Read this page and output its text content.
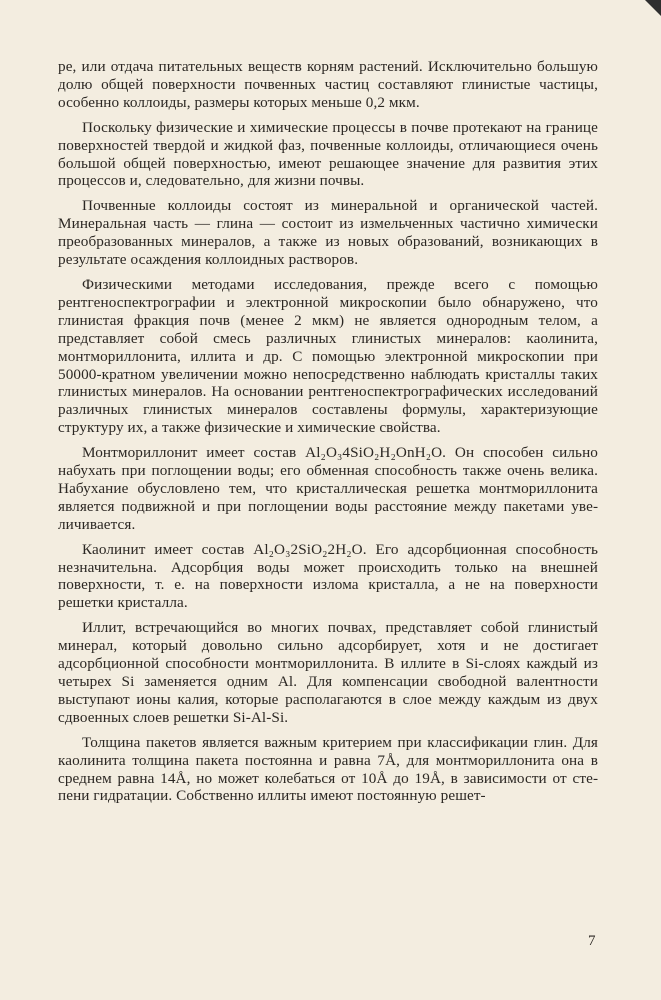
ре, или отдача питательных веществ корням растений. Исключительно большую долю общей поверхности почвенных частиц составляют глинистые частицы, особенно коллоиды, размеры которых меньше 0,2 мкм.

Поскольку физические и химические процессы в почве протекают на границе поверхностей твердой и жидкой фаз, почвенные коллоиды, отличающиеся очень большой общей поверхностью, имеют решающее значение для развития этих процессов и, следовательно, для жизни почвы.

Почвенные коллоиды состоят из минеральной и органической частей. Минеральная часть — глина — состоит из измельченных частично химически преобразованных минералов, а также из новых образований, возникающих в результате осаждения коллоидных растворов.

Физическими методами исследования, прежде всего с помощью рентгеноспектрографии и электронной микроскопии было обнаружено, что глинистая фракция почв (менее 2 мкм) не является однородным телом, а представляет собой смесь различных глинистых минералов: каолинита, монтмориллонита, иллита и др. С помощью электронной микроскопии при 50000-кратном увеличении можно непосредственно наблюдать кристаллы таких глинистых минералов. На основании рентгеноспектрографических исследований различных глинистых минералов составлены формулы, характеризующие структуру их, а также физические и химические свойства.

Монтмориллонит имеет состав Al₂O₃4SiO₂H₂OnH₂O. Он способен сильно набухать при поглощении воды; его обменная способность также очень велика. Набухание обусловлено тем, что кристаллическая решетка монтмориллонита является подвижной и при поглощении воды расстояние между пакетами увеличивается.

Каолинит имеет состав Al₂O₃2SiO₂2H₂O. Его адсорбционная способность незначительна. Адсорбция воды может происходить только на внешней поверхности, т. е. на поверхности излома кристалла, а не на поверхности решетки кристалла.

Иллит, встречающийся во многих почвах, представляет собой глинистый минерал, который довольно сильно адсорбирует, хотя и не достигает адсорбционной способности монтмориллонита. В иллите в Si-слоях каждый из четырех Si заменяется одним Al. Для компенсации свободной валентности выступают ионы калия, которые располагаются в слое между каждым из двух сдвоенных слоев решетки Si-Al-Si.

Толщина пакетов является важным критерием при классификации глин. Для каолинита толщина пакета постоянна и равна 7Å, для монтмориллонита она в среднем равна 14Å, но может колебаться от 10Å до 19Å, в зависимости от степени гидратации. Собственно иллиты имеют постоянную решет-

7
